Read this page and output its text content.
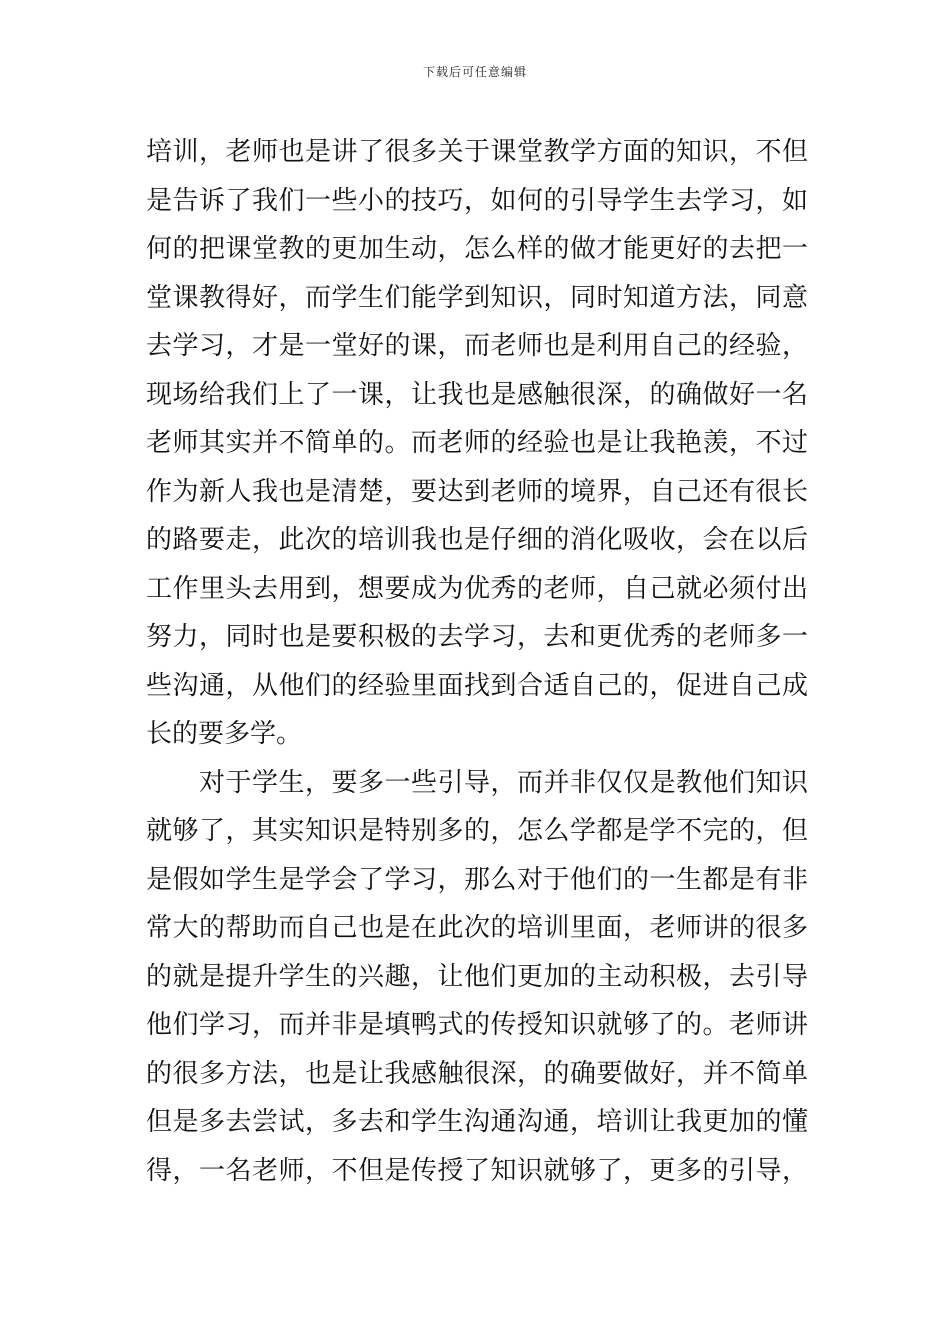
下载后可任意编辑
培训，老师也是讲了很多关于课堂教学方面的知识，不但
是告诉了我们一些小的技巧，如何的引导学生去学习，如
何的把课堂教的更加生动，怎么样的做才能更好的去把一
堂课教得好，而学生们能学到知识，同时知道方法，同意
去学习，才是一堂好的课，而老师也是利用自己的经验，
现场给我们上了一课，让我也是感触很深，的确做好一名
老师其实并不简单的。而老师的经验也是让我艳羡，不过
作为新人我也是清楚，要达到老师的境界，自己还有很长
的路要走，此次的培训我也是仔细的消化吸收，会在以后
工作里头去用到，想要成为优秀的老师，自己就必须付出
努力，同时也是要积极的去学习，去和更优秀的老师多一
些沟通，从他们的经验里面找到合适自己的，促进自己成
长的要多学。
对于学生，要多一些引导，而并非仅仅是教他们知识
就够了，其实知识是特别多的，怎么学都是学不完的，但
是假如学生是学会了学习，那么对于他们的一生都是有非
常大的帮助而自己也是在此次的培训里面，老师讲的很多
的就是提升学生的兴趣，让他们更加的主动积极，去引导
他们学习，而并非是填鸭式的传授知识就够了的。老师讲
的很多方法，也是让我感触很深，的确要做好，并不简单
但是多去尝试，多去和学生沟通沟通，培训让我更加的懂
得，一名老师，不但是传授了知识就够了，更多的引导，
